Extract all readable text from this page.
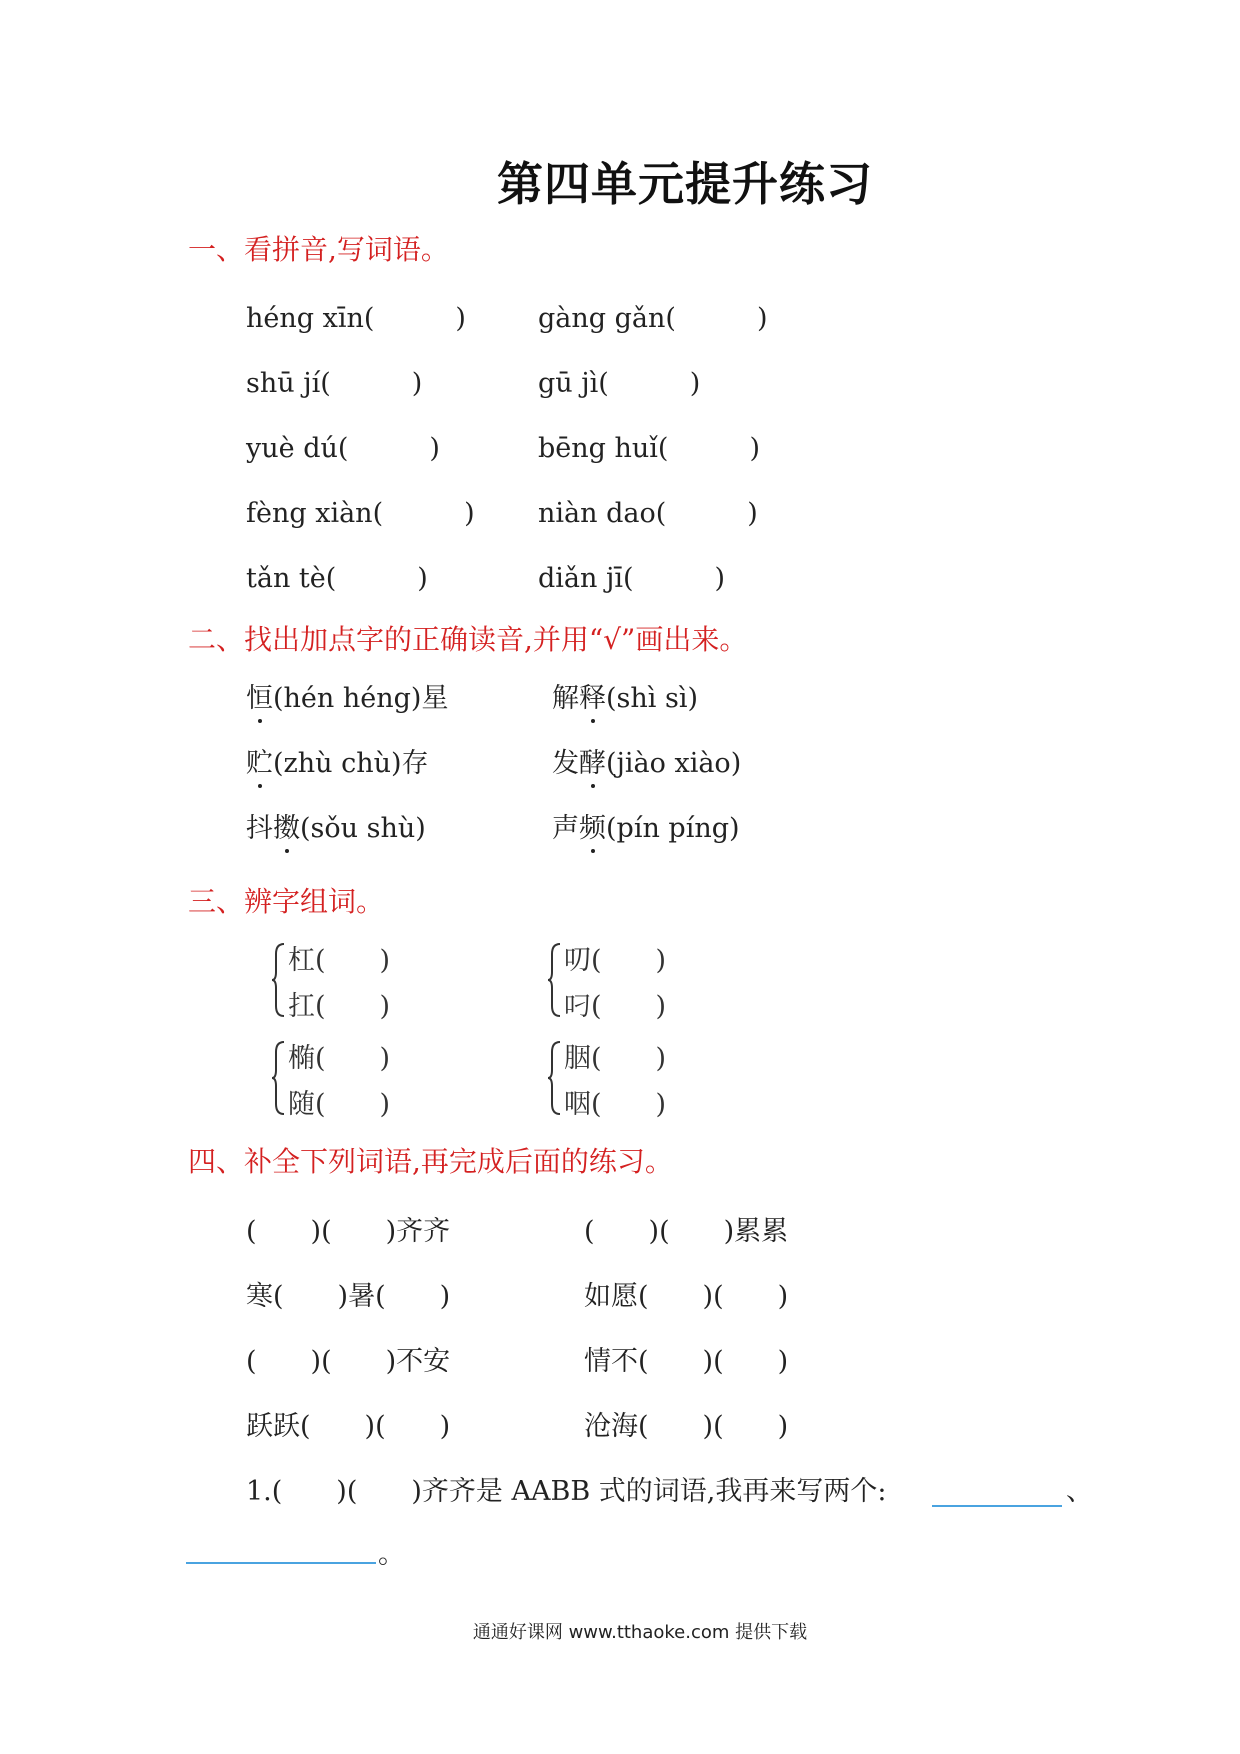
第四单元提升练习
一、看拼音,写词语。
héng xīn(　　　)	gàng gǎn(　　　)
shū jí(　　　)	gū jì(　　　)
yuè dú(　　　)	bēng huǐ(　　　)
fèng xiàn(　　　) niàn dao(　　　)
tǎn tè(　　　)	diǎn jī(　　　)
二、找出加点字的正确读音,并用“√”画出来。
恒(hén héng)星	解释(shì sì)
贮(zhù chù)存	发酵(jiào xiào)
抖擞(sǒu shù)	声频(pín píng)
三、辨字组词。
杠(　　)
扛(　　)
叨(　　)
叼(　　)
椭(　　)
随(　　)
胭(　　)
咽(　　)
四、补全下列词语,再完成后面的练习。
(　　)(　　)齐齐	(　　)(　　)累累
寒(　　)暑(　　)	如愿(　　)(　　)
(　　)(　　)不安	情不(　　)(　　)
跃跃(　　)(　　)	沧海(　　)(　　)
1.(　　)(　　)齐齐是 AABB 式的词语,我再来写两个:	、
。
通通好课网 www.tthaoke.com 提供下载
